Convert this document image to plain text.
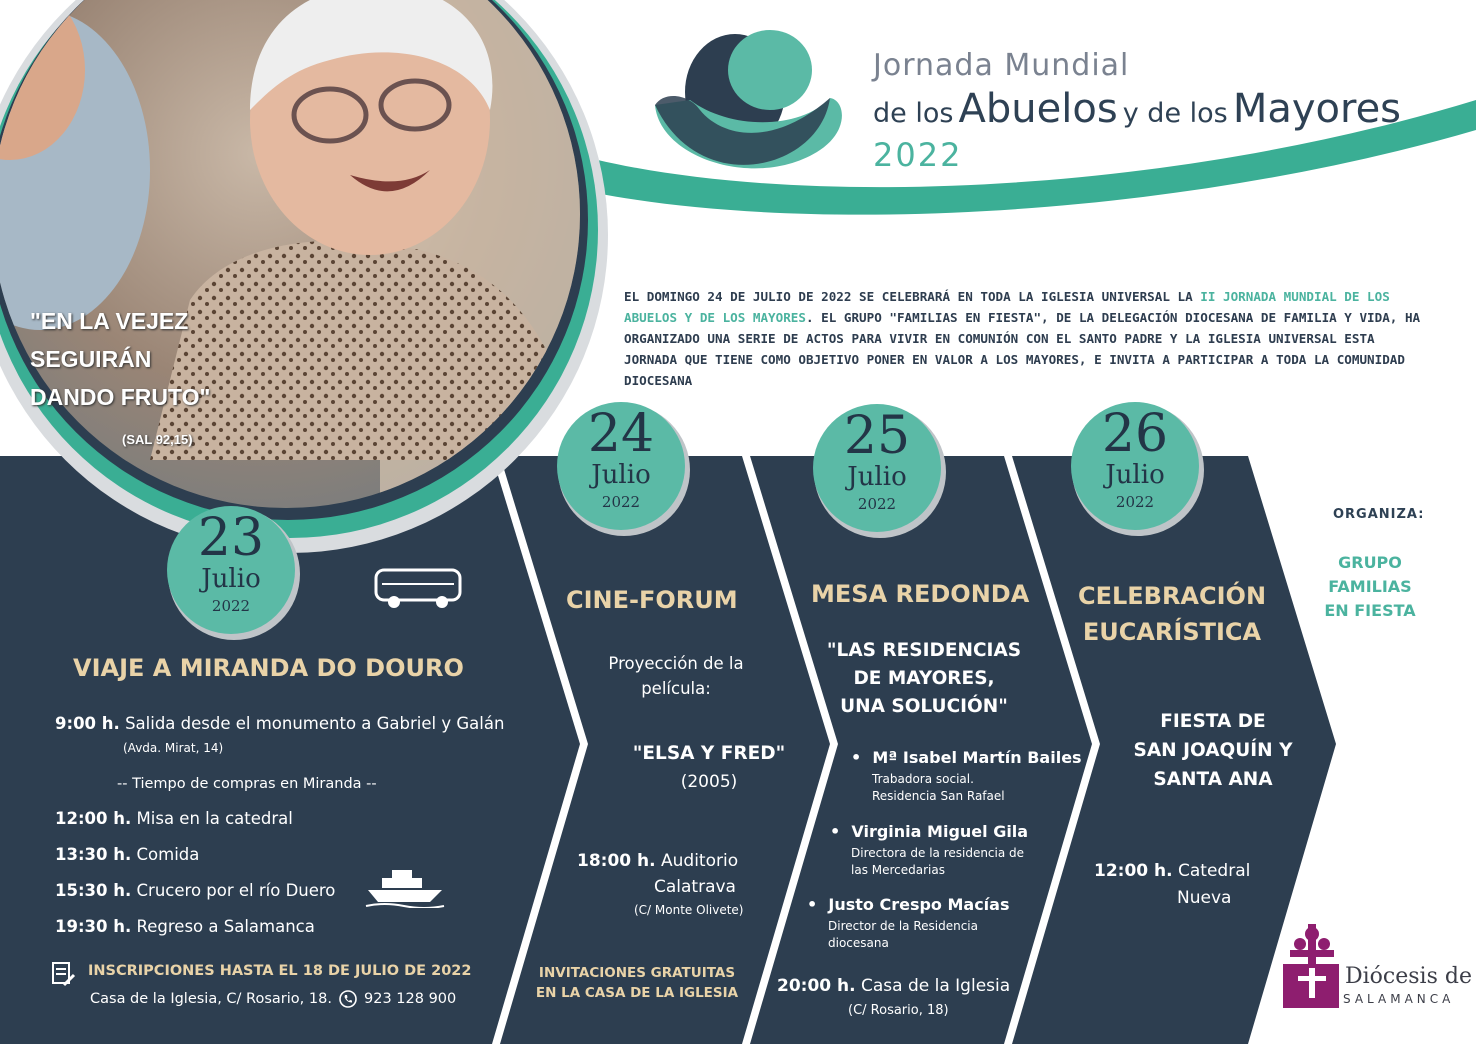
Jornada Mundial
de los Abuelos y de los Mayores
2022
EL DOMINGO 24 DE JULIO DE 2022 SE CELEBRARÁ EN TODA LA IGLESIA UNIVERSAL LA II JORNADA MUNDIAL DE LOS ABUELOS Y DE LOS MAYORES. EL GRUPO "FAMILIAS EN FIESTA", DE LA DELEGACIÓN DIOCESANA DE FAMILIA Y VIDA, HA ORGANIZADO UNA SERIE DE ACTOS PARA VIVIR EN COMUNIÓN CON EL SANTO PADRE Y LA IGLESIA UNIVERSAL ESTA JORNADA QUE TIENE COMO OBJETIVO PONER EN VALOR A LOS MAYORES, E INVITA A PARTICIPAR A TODA LA COMUNIDAD DIOCESANA
"EN LA VEJEZ
SEGUIRÁN
DANDO FRUTO"
(SAL 92,15)
23
Julio
2022
24
Julio
2022
25
Julio
2022
26
Julio
2022
VIAJE A MIRANDA DO DOURO
9:00 h. Salida desde el monumento a Gabriel y Galán
(Avda. Mirat, 14)
-- Tiempo de compras en Miranda --
12:00 h. Misa en la catedral
13:30 h. Comida
15:30 h. Crucero por el río Duero
19:30 h. Regreso a Salamanca
INSCRIPCIONES HASTA EL 18 DE JULIO DE 2022
Casa de la Iglesia, C/ Rosario, 18. 923 128 900
CINE-FORUM
Proyección de la
película:
"ELSA Y FRED"
(2005)
18:00 h. Auditorio
Calatrava
(C/ Monte Olivete)
INVITACIONES GRATUITAS
EN LA CASA DE LA IGLESIA
MESA REDONDA
"LAS RESIDENCIAS
DE MAYORES,
UNA SOLUCIÓN"
•  Mª Isabel Martín Bailes
Trabadora social.
Residencia San Rafael
•  Virginia Miguel Gila
Directora de la residencia de
las Mercedarias
•  Justo Crespo Macías
Director de la Residencia
diocesana
20:00 h. Casa de la Iglesia
(C/ Rosario, 18)
CELEBRACIÓN
EUCARÍSTICA
FIESTA DE
SAN JOAQUÍN Y
SANTA ANA
12:00 h. Catedral
Nueva
ORGANIZA:
GRUPO
FAMILIAS
EN FIESTA
Diócesis de
SALAMANCA
